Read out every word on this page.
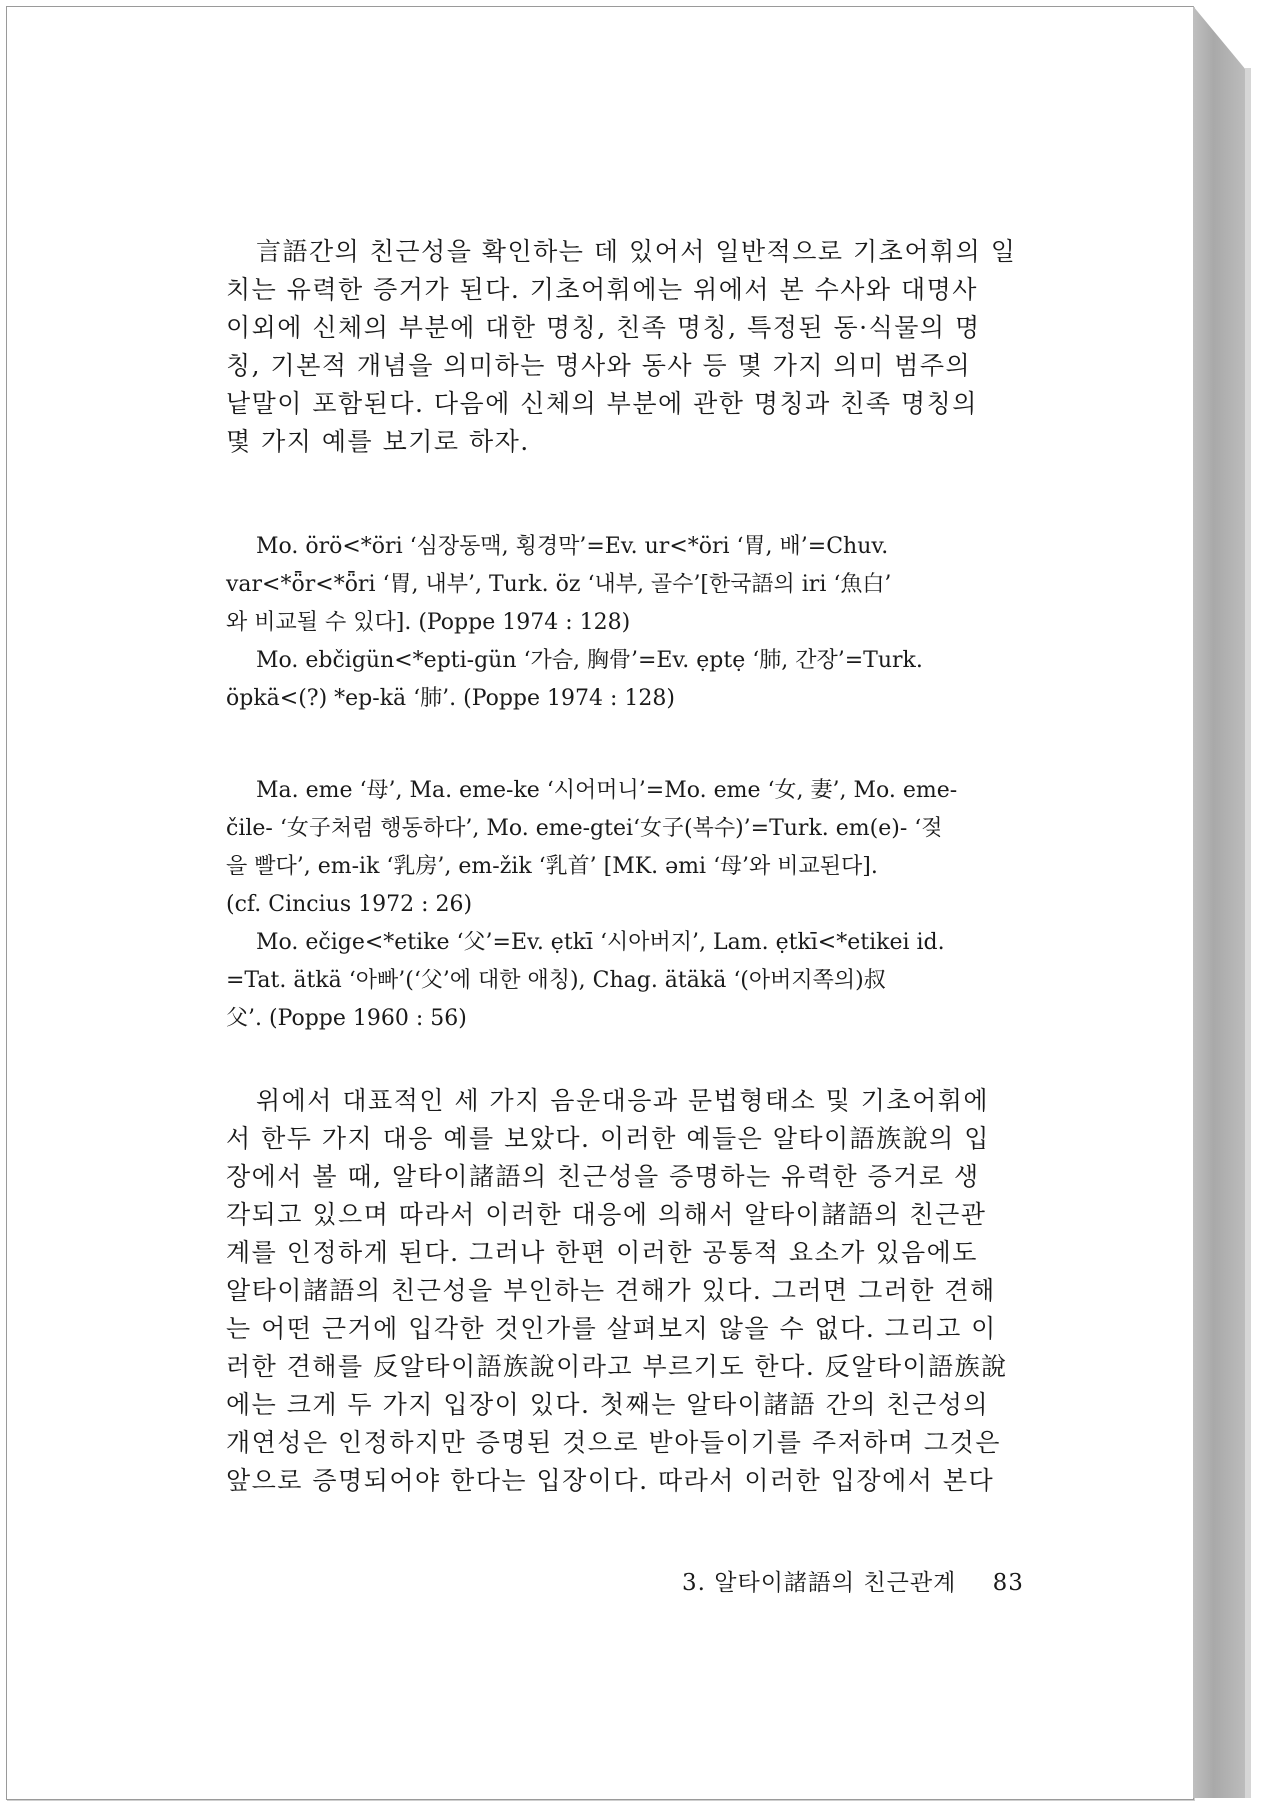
言語간의 친근성을 확인하는 데 있어서 일반적으로 기초어휘의 일
치는 유력한 증거가 된다. 기초어휘에는 위에서 본 수사와 대명사
이외에 신체의 부분에 대한 명칭, 친족 명칭, 특정된 동·식물의 명
칭, 기본적 개념을 의미하는 명사와 동사 등 몇 가지 의미 범주의
낱말이 포함된다. 다음에 신체의 부분에 관한 명칭과 친족 명칭의
몇 가지 예를 보기로 하자.

Mo. örö<*öri ‘심장동맥, 횡경막’=Ev. ur<*öri ‘胃, 배’=Chuv.
var<*ȫr<*ȫri ‘胃, 내부’, Turk. öz ‘내부, 골수’[한국語의 iri ‘魚白’
와 비교될 수 있다]. (Poppe 1974 : 128)
Mo. ebčigün<*epti-gün ‘가슴, 胸骨’=Ev. ẹptẹ ‘肺, 간장’=Turk.
öpkä<(?) *ep-kä ‘肺’. (Poppe 1974 : 128)

Ma. eme ‘母’, Ma. eme-ke ‘시어머니’=Mo. eme ‘女, 妻’, Mo. eme-
čile- ‘女子처럼 행동하다’, Mo. eme-gtei‘女子(복수)’=Turk. em(e)- ‘젖
을 빨다’, em-ik ‘乳房’, em-žik ‘乳首’ [MK. əmi ‘母’와 비교된다].
(cf. Cincius 1972 : 26)
Mo. ečige<*etike ‘父’=Ev. ẹtkī ‘시아버지’, Lam. ẹtkī<*etikei id.
=Tat. ätkä ‘아빠’(‘父’에 대한 애칭), Chag. ätäkä ‘(아버지쪽의)叔
父’. (Poppe 1960 : 56)

위에서 대표적인 세 가지 음운대응과 문법형태소 및 기초어휘에
서 한두 가지 대응 예를 보았다. 이러한 예들은 알타이語族說의 입
장에서 볼 때, 알타이諸語의 친근성을 증명하는 유력한 증거로 생
각되고 있으며 따라서 이러한 대응에 의해서 알타이諸語의 친근관
계를 인정하게 된다. 그러나 한편 이러한 공통적 요소가 있음에도
알타이諸語의 친근성을 부인하는 견해가 있다. 그러면 그러한 견해
는 어떤 근거에 입각한 것인가를 살펴보지 않을 수 없다. 그리고 이
러한 견해를 反알타이語族說이라고 부르기도 한다. 反알타이語族說
에는 크게 두 가지 입장이 있다. 첫째는 알타이諸語 간의 친근성의
개연성은 인정하지만 증명된 것으로 받아들이기를 주저하며 그것은
앞으로 증명되어야 한다는 입장이다. 따라서 이러한 입장에서 본다

3. 알타이諸語의 친근관계 83
